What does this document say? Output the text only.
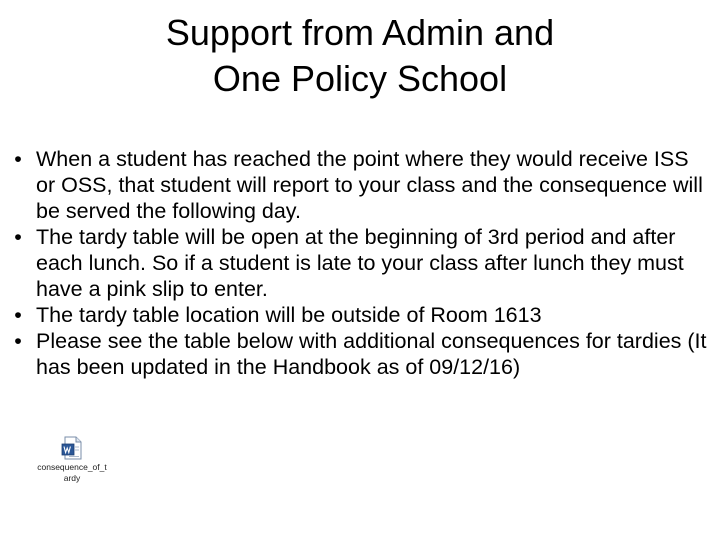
Support from Admin and
One Policy School
• When a student has reached the point where they would receive ISS or OSS, that student will report to your class and the consequence will be served the following day.
• The tardy table will be open at the beginning of 3rd period and after each lunch. So if a student is late to your class after lunch they must have a pink slip to enter.
• The tardy table location will be outside of Room 1613
• Please see the table below with additional consequences for tardies (It has been updated in the Handbook as of 09/12/16)
consequence_of_t
ardy
